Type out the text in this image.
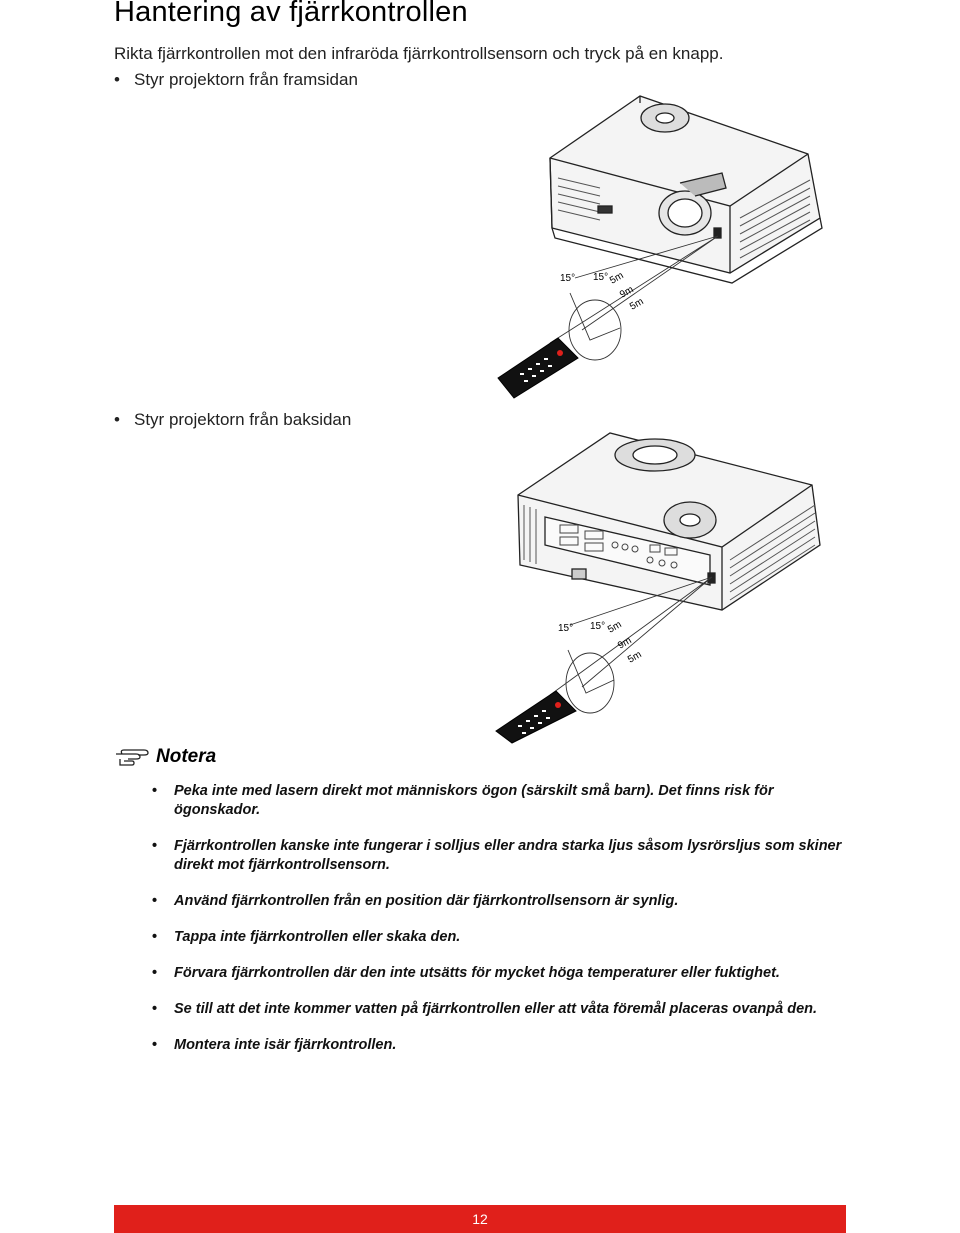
Hantering av fjärrkontrollen
Rikta fjärrkontrollen mot den infraröda fjärrkontrollsensorn och tryck på en knapp.
• Styr projektorn från framsidan
15° 15° 5m
9m
5m
• Styr projektorn från baksidan
15° 15° 5m
9m
5m
Notera
• Peka inte med lasern direkt mot människors ögon (särskilt små barn). Det finns risk för ögonskador.
• Fjärrkontrollen kanske inte fungerar i solljus eller andra starka ljus såsom lysrörsljus som skiner direkt mot fjärrkontrollsensorn.
• Använd fjärrkontrollen från en position där fjärrkontrollsensorn är synlig.
• Tappa inte fjärrkontrollen eller skaka den.
• Förvara fjärrkontrollen där den inte utsätts för mycket höga temperaturer eller fuktighet.
• Se till att det inte kommer vatten på fjärrkontrollen eller att våta föremål placeras ovanpå den.
• Montera inte isär fjärrkontrollen.
12
